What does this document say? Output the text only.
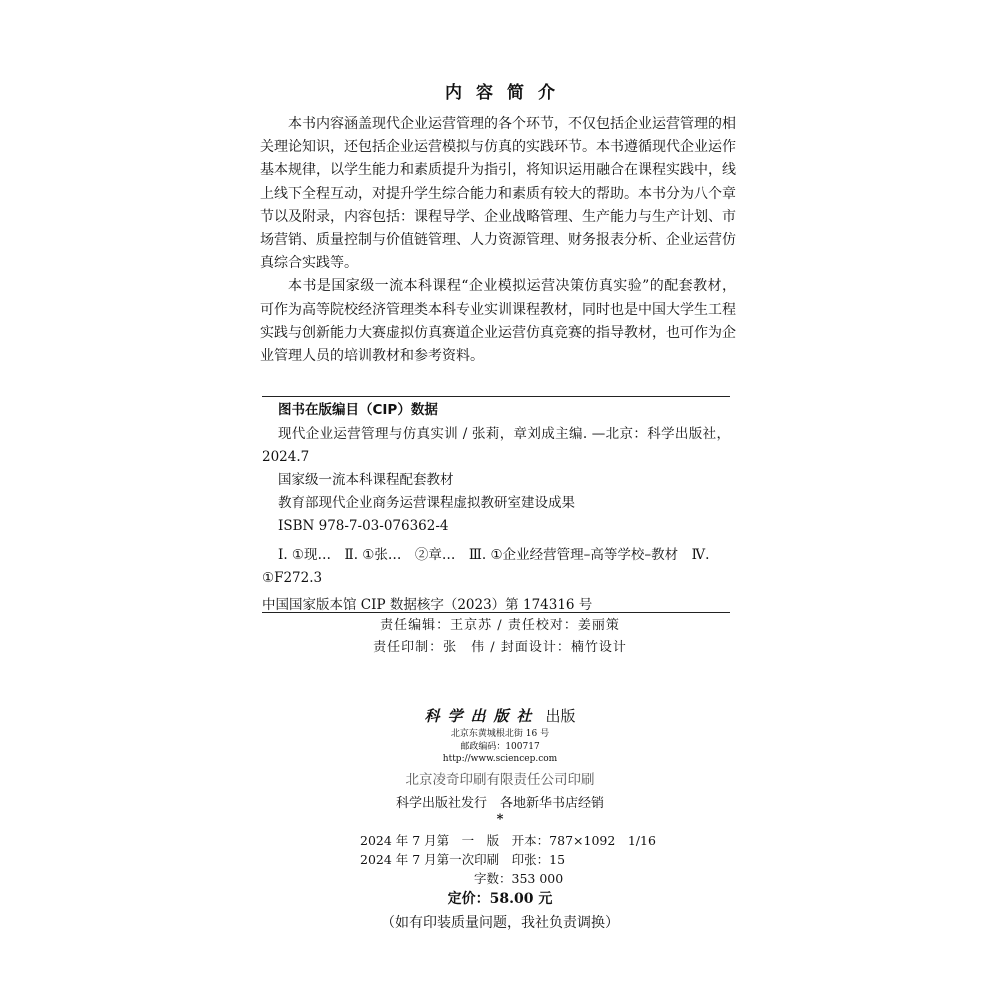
内容简介

本书内容涵盖现代企业运营管理的各个环节，不仅包括企业运营管理的相关理论知识，还包括企业运营模拟与仿真的实践环节。本书遵循现代企业运作基本规律，以学生能力和素质提升为指引，将知识运用融合在课程实践中，线上线下全程互动，对提升学生综合能力和素质有较大的帮助。本书分为八个章节以及附录，内容包括：课程导学、企业战略管理、生产能力与生产计划、市场营销、质量控制与价值链管理、人力资源管理、财务报表分析、企业运营仿真综合实践等。

本书是国家级一流本科课程“企业模拟运营决策仿真实验”的配套教材，可作为高等院校经济管理类本科专业实训课程教材，同时也是中国大学生工程实践与创新能力大赛虚拟仿真赛道企业运营仿真竞赛的指导教材，也可作为企业管理人员的培训教材和参考资料。

图书在版编目（CIP）数据
现代企业运营管理与仿真实训 / 张莉，章刘成主编. —北京：科学出版社，2024.7
国家级一流本科课程配套教材
教育部现代企业商务运营课程虚拟教研室建设成果
ISBN 978-7-03-076362-4
Ⅰ. ①现…　Ⅱ. ①张…　②章…　Ⅲ. ①企业经营管理–高等学校–教材　Ⅳ. ①F272.3
中国国家版本馆 CIP 数据核字（2023）第 174316 号
责任编辑：王京苏 / 责任校对：姜丽策
责任印制：张　伟 / 封面设计：楠竹设计
科学出版社 出版
北京东黄城根北街 16 号
邮政编码：100717
http://www.sciencep.com
北京凌奇印刷有限责任公司印刷
科学出版社发行　各地新华书店经销
*
2024 年 7 月第　一　版　开本：787×1092　1/16
2024 年 7 月第一次印刷　印张：15
字数：353 000
定价：58.00 元
（如有印装质量问题，我社负责调换）
